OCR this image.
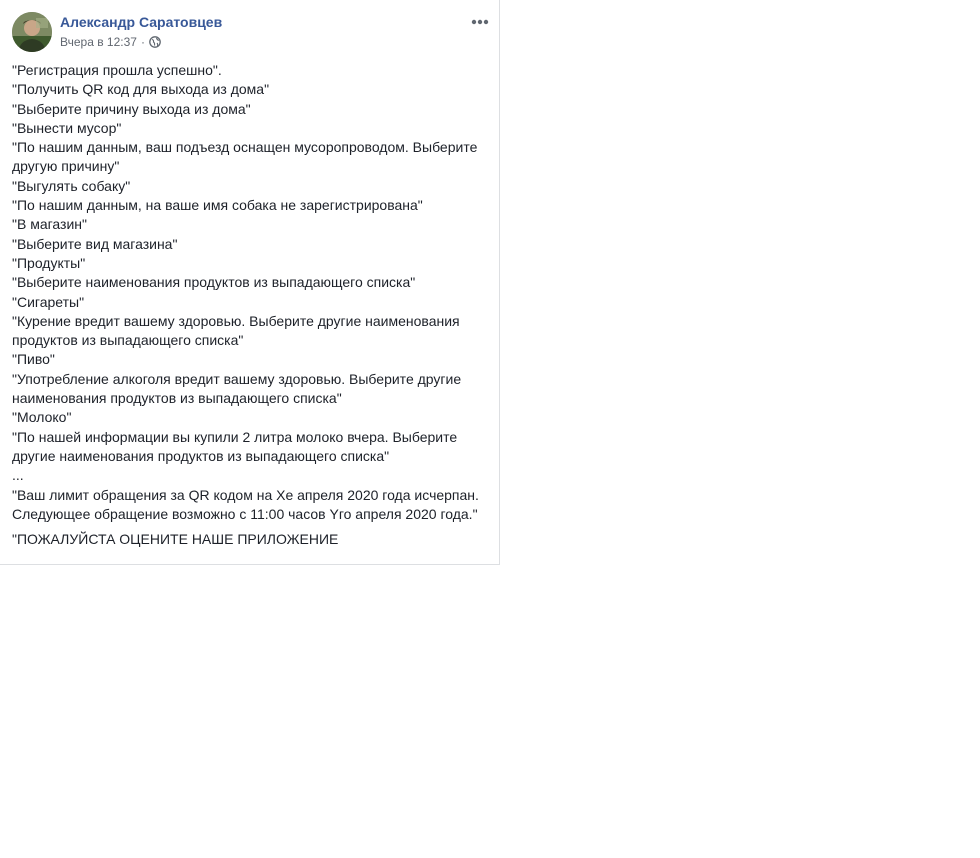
Александр Саратовцев
Вчера в 12:37 ·
"Регистрация прошла успешно".
"Получить QR код для выхода из дома"
"Выберите причину выхода из дома"
"Вынести мусор"
"По нашим данным, ваш подъезд оснащен мусоропроводом. Выберите другую причину"
"Выгулять собаку"
"По нашим данным, на ваше имя собака не зарегистрирована"
"В магазин"
"Выберите вид магазина"
"Продукты"
"Выберите наименования продуктов из выпадающего списка"
"Сигареты"
"Курение вредит вашему здоровью. Выберите другие наименования продуктов из выпадающего списка"
"Пиво"
"Употребление алкоголя вредит вашему здоровью. Выберите другие наименования продуктов из выпадающего списка"
"Молоко"
"По нашей информации вы купили 2 литра молоко вчера. Выберите другие наименования продуктов из выпадающего списка"
...
"Ваш лимит обращения за QR кодом на Хе апреля 2020 года исчерпан. Следующее обращение возможно с 11:00 часов Yго апреля 2020 года."
"ПОЖАЛУЙСТА ОЦЕНИТЕ НАШЕ ПРИЛОЖЕНИЕ
